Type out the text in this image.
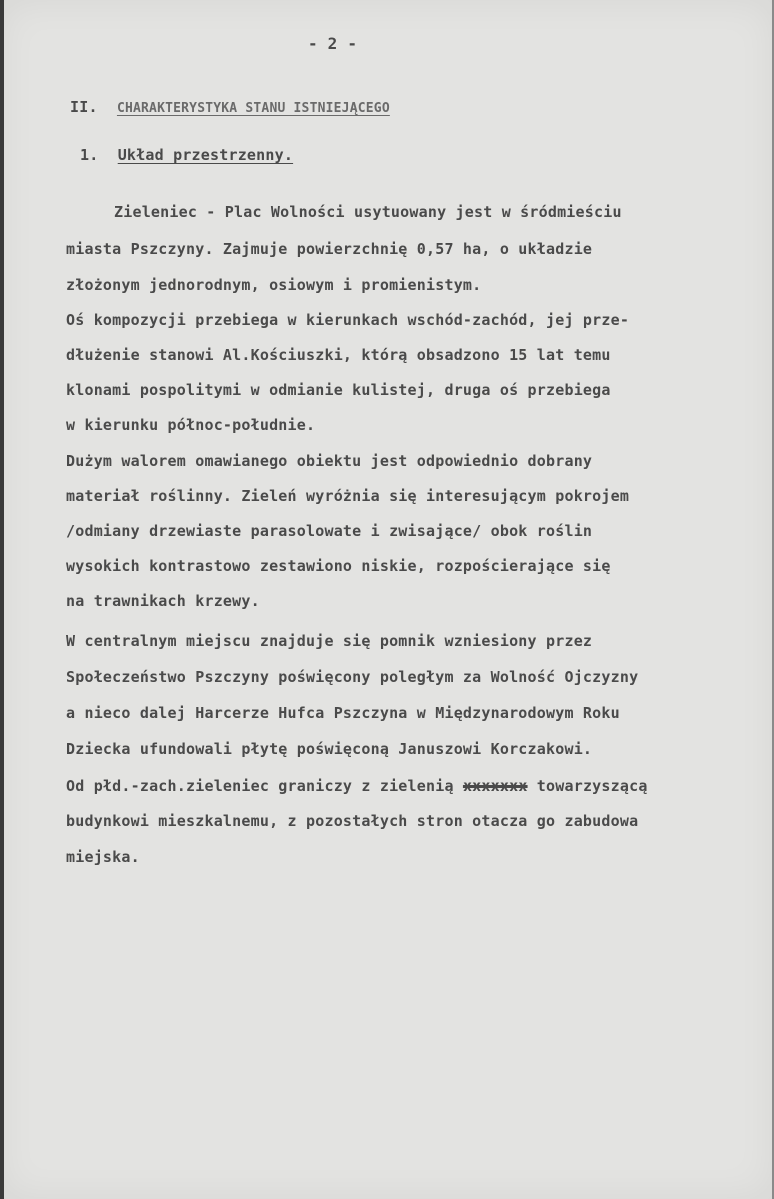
- 2 -
II. CHARAKTERYSTYKA STANU ISTNIEJĄCEGO
1. Układ przestrzenny.
Zieleniec - Plac Wolności usytuowany jest w śródmieściu
miasta Pszczyny. Zajmuje powierzchnię 0,57 ha, o układzie
złożonym jednorodnym, osiowym i promienistym.
Oś kompozycji przebiega w kierunkach wschód-zachód, jej prze-
dłużenie stanowi Al.Kościuszki, którą obsadzono 15 lat temu
klonami pospolitymi w odmianie kulistej, druga oś przebiega
w kierunku północ-południe.
Dużym walorem omawianego obiektu jest odpowiednio dobrany
materiał roślinny. Zieleń wyróżnia się interesującym pokrojem
/odmiany drzewiaste parasolowate i zwisające/ obok roślin
wysokich kontrastowo zestawiono niskie, rozpościerające się
na trawnikach krzewy.
W centralnym miejscu znajduje się pomnik wzniesiony przez
Społeczeństwo Pszczyny poświęcony poległym za Wolność Ojczyzny
a nieco dalej Harcerze Hufca Pszczyna w Międzynarodowym Roku
Dziecka ufundowali płytę poświęconą Januszowi Korczakowi.
Od płd.-zach.zieleniec graniczy z zielenią xxxxxxx towarzyszącą
budynkowi mieszkalnemu, z pozostałych stron otacza go zabudowa
miejska.
